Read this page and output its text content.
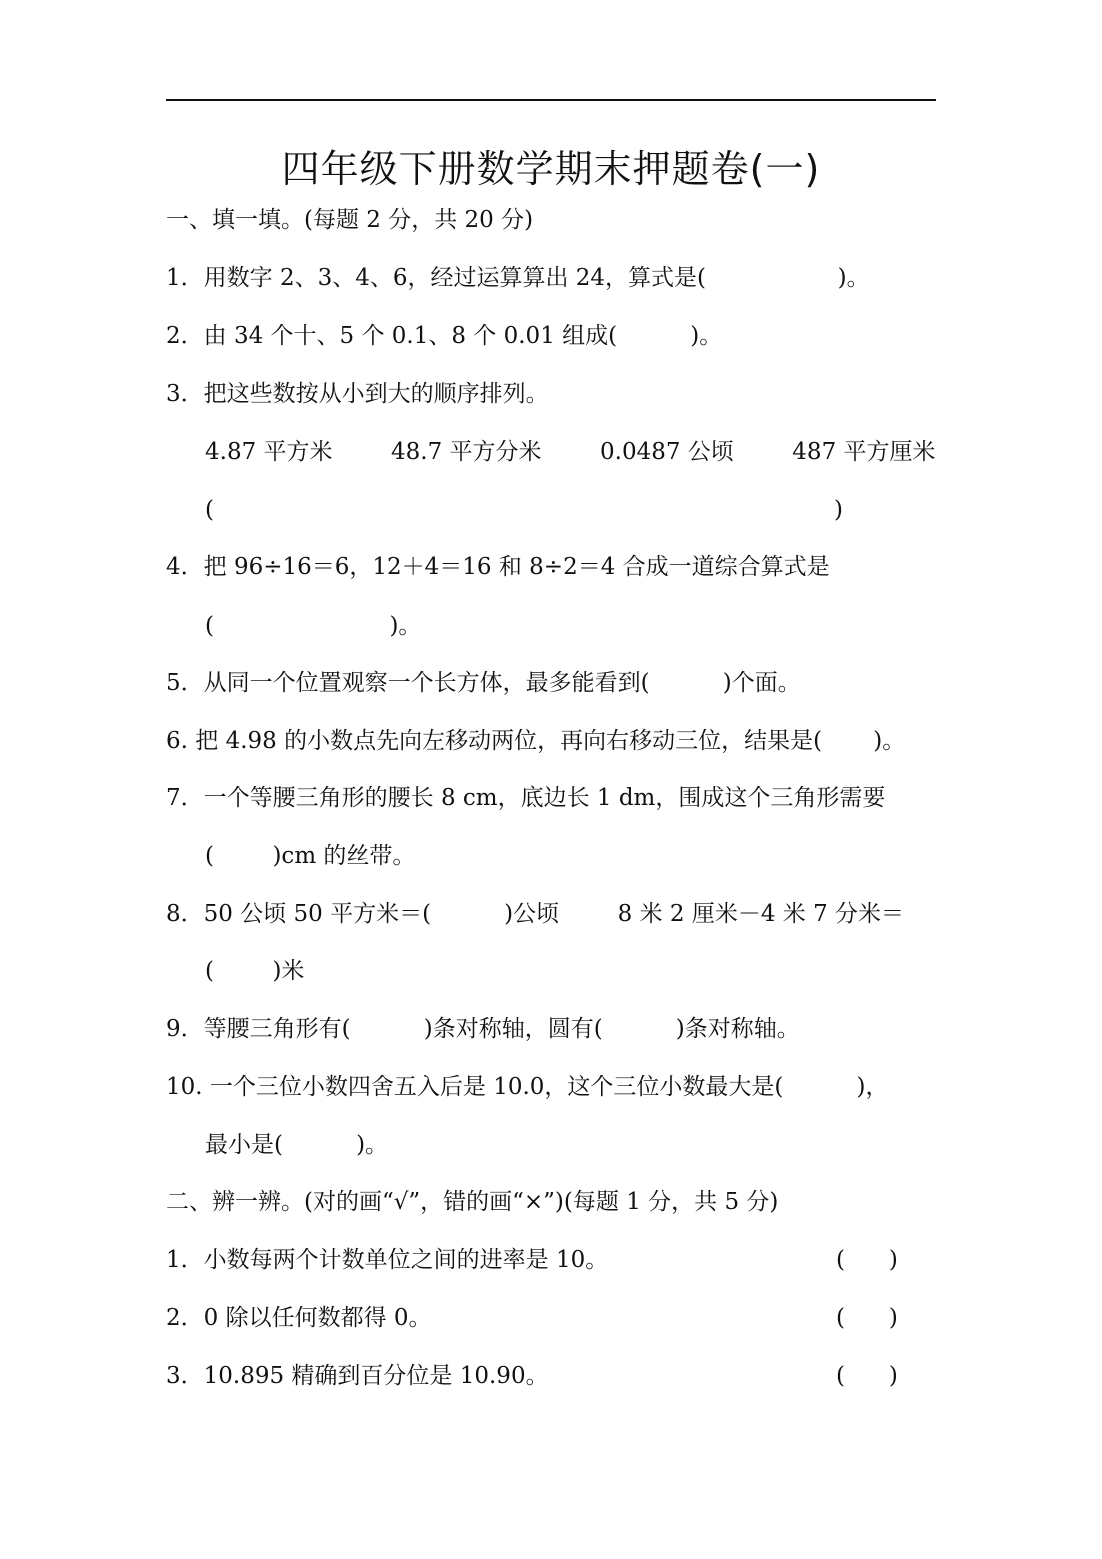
四年级下册数学期末押题卷(一)
一、填一填。(每题 2 分，共 20 分)
1．用数字 2、3、4、6，经过运算算出 24，算式是(                  )。
2．由 34 个十、5 个 0.1、8 个 0.01 组成(          )。
3．把这些数按从小到大的顺序排列。
4.87 平方米        48.7 平方分米        0.0487 公顷        487 平方厘米
(	)
4．把 96÷16＝6，12＋4＝16 和 8÷2＝4 合成一道综合算式是
(                        )。
5．从同一个位置观察一个长方体，最多能看到(          )个面。
6. 把 4.98 的小数点先向左移动两位，再向右移动三位，结果是(       )。
7．一个等腰三角形的腰长 8 cm，底边长 1 dm，围成这个三角形需要
(        )cm 的丝带。
8．50 公顷 50 平方米＝(          )公顷        8 米 2 厘米－4 米 7 分米＝
(        )米
9．等腰三角形有(          )条对称轴，圆有(          )条对称轴。
10. 一个三位小数四舍五入后是 10.0，这个三位小数最大是(          )，
最小是(          )。
二、辨一辨。(对的画“√”，错的画“×”)(每题 1 分，共 5 分)
1．小数每两个计数单位之间的进率是 10。	(      )
2．0 除以任何数都得 0。	(      )
3．10.895 精确到百分位是 10.90。	(      )
